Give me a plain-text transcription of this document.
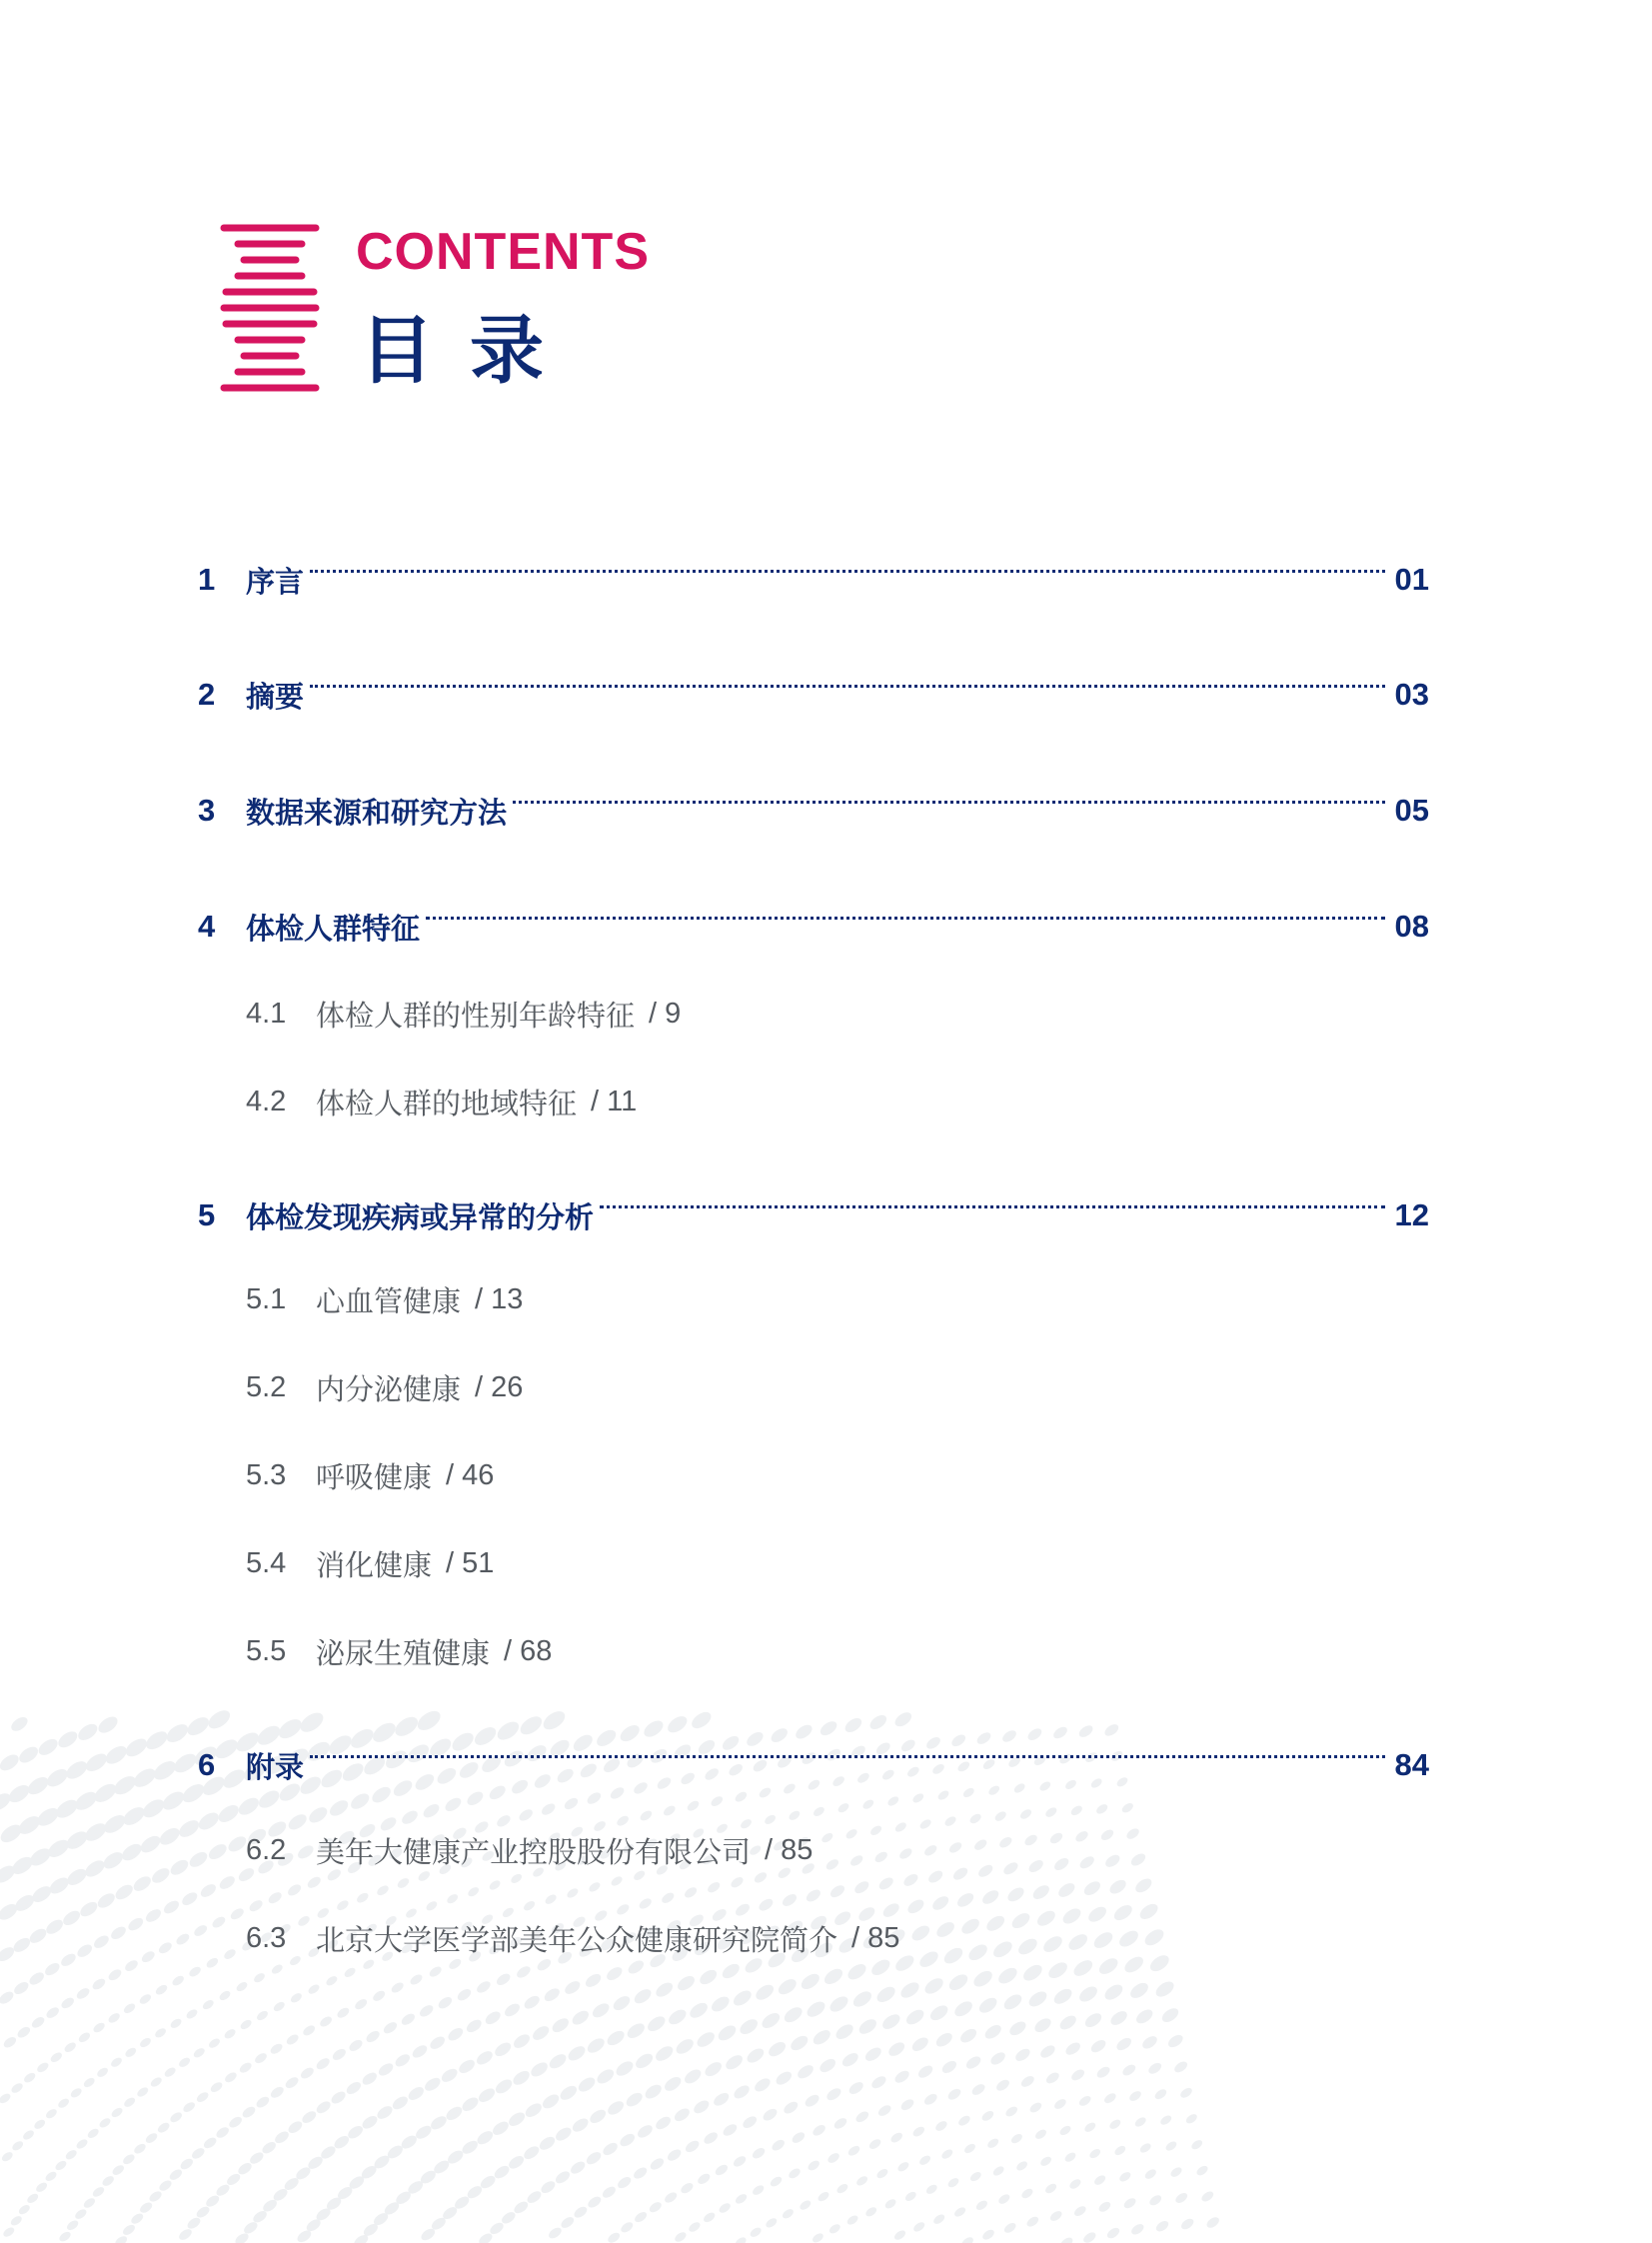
CONTENTS
目录
1	序言	01
2	摘要	03
3	数据来源和研究方法	05
4	体检人群特征	08
4.1	体检人群的性别年龄特征 / 9
4.2	体检人群的地域特征 / 11
5	体检发现疾病或异常的分析	12
5.1	心血管健康 / 13
5.2	内分泌健康 / 26
5.3	呼吸健康 / 46
5.4	消化健康 / 51
5.5	泌尿生殖健康 / 68
6	附录	84
6.2	美年大健康产业控股股份有限公司 / 85
6.3	北京大学医学部美年公众健康研究院简介 / 85
